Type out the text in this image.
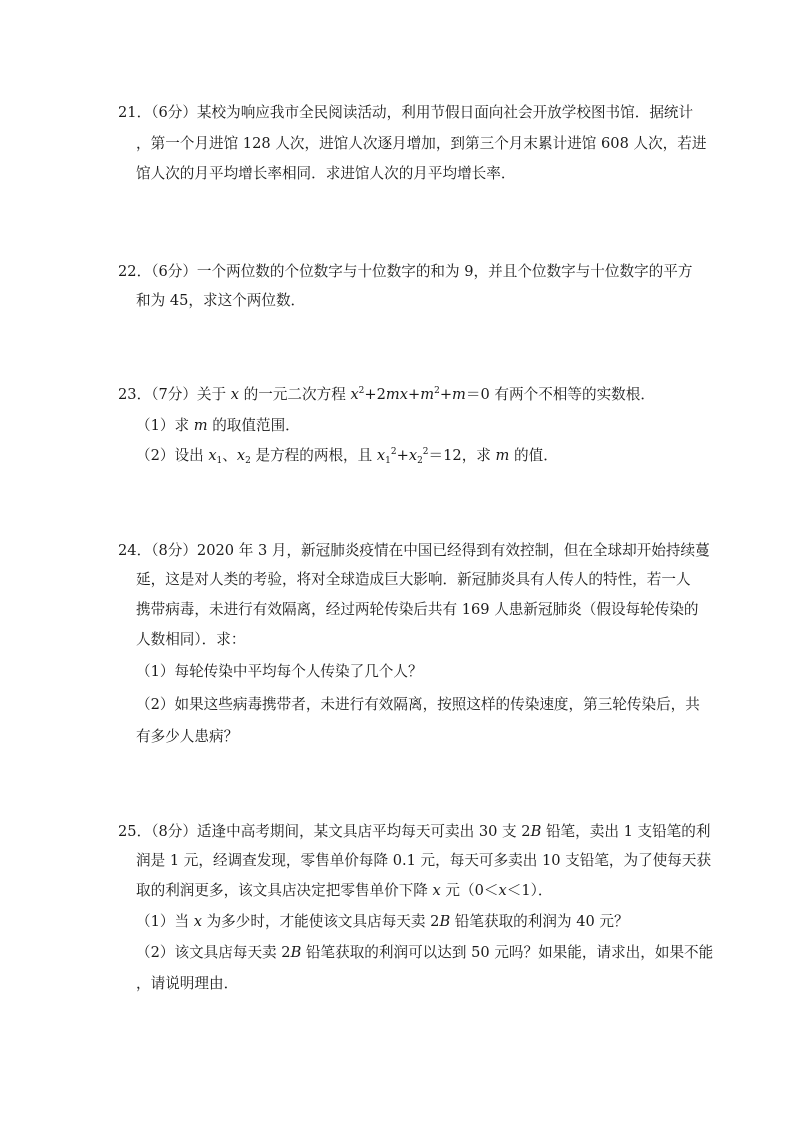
21．（6分）某校为响应我市全民阅读活动，利用节假日面向社会开放学校图书馆．据统计
，第一个月进馆 128 人次，进馆人次逐月增加，到第三个月末累计进馆 608 人次，若进
馆人次的月平均增长率相同．求进馆人次的月平均增长率．
22．（6分）一个两位数的个位数字与十位数字的和为 9，并且个位数字与十位数字的平方
和为 45，求这个两位数．
23．（7分）关于 x 的一元二次方程 $x^2+2mx+m^2+m=0$ 有两个不相等的实数根．
（1）求 m 的取值范围．
（2）设出 $x_1$、$x_2$ 是方程的两根，且 $x_1^2+x_2^2=12$，求 m 的值．
24．（8分）2020 年 3 月，新冠肺炎疫情在中国已经得到有效控制，但在全球却开始持续蔓
延，这是对人类的考验，将对全球造成巨大影响．新冠肺炎具有人传人的特性，若一人
携带病毒，未进行有效隔离，经过两轮传染后共有 169 人患新冠肺炎（假设每轮传染的
人数相同）．求：
（1）每轮传染中平均每个人传染了几个人？
（2）如果这些病毒携带者，未进行有效隔离，按照这样的传染速度，第三轮传染后，共
有多少人患病？
25．（8分）适逢中高考期间，某文具店平均每天可卖出 30 支 2B 铅笔，卖出 1 支铅笔的利
润是 1 元，经调查发现，零售单价每降 0.1 元，每天可多卖出 10 支铅笔，为了使每天获
取的利润更多，该文具店决定把零售单价下降 x 元（0＜x＜1）．
（1）当 x 为多少时，才能使该文具店每天卖 2B 铅笔获取的利润为 40 元？
（2）该文具店每天卖 2B 铅笔获取的利润可以达到 50 元吗？如果能，请求出，如果不能
，请说明理由．
